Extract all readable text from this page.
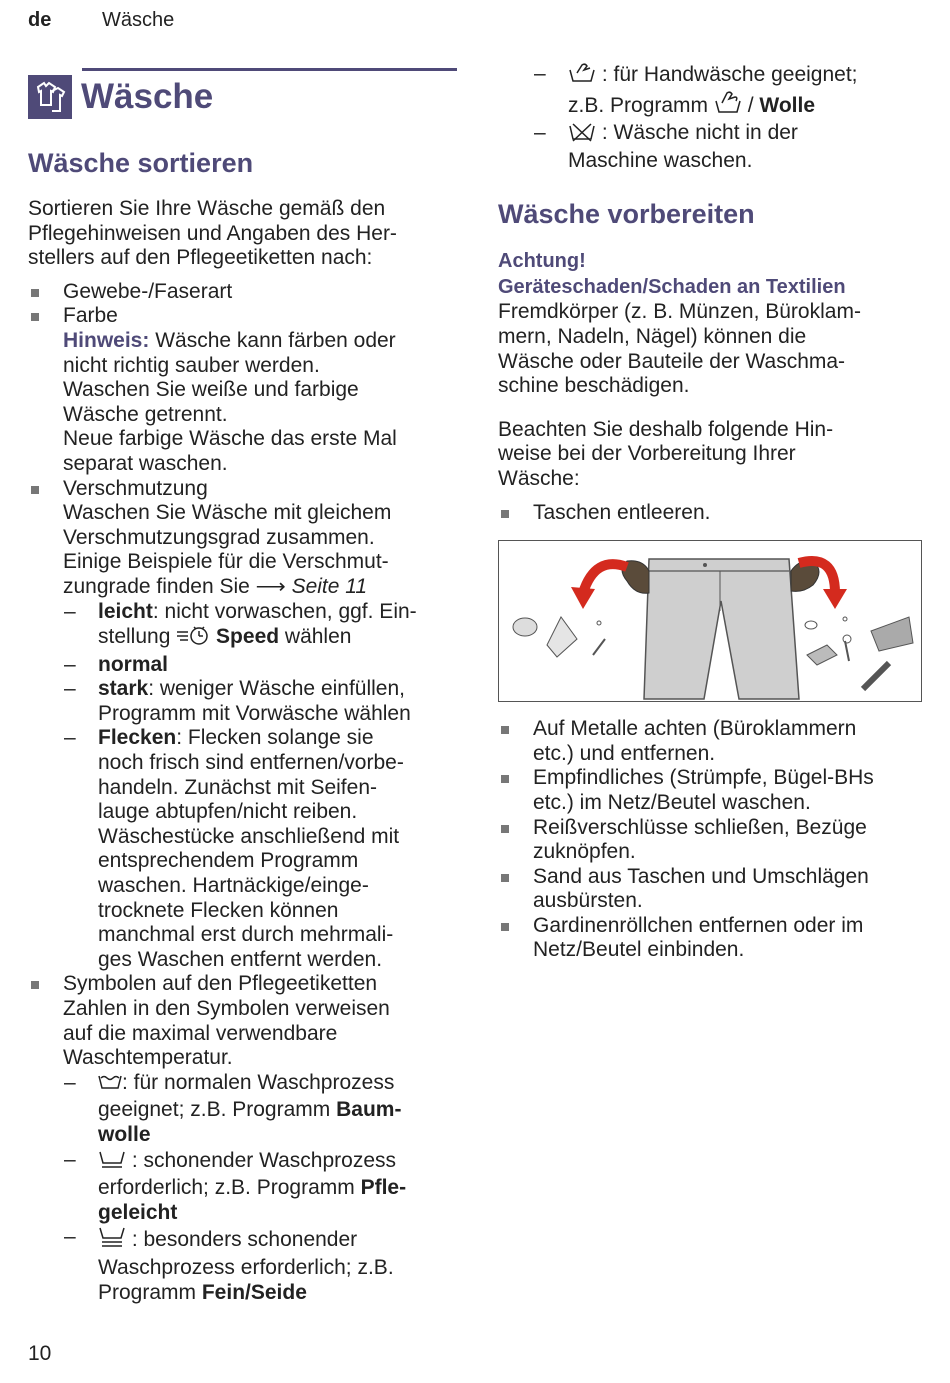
de	Wäsche
Wäsche
Wäsche sortieren
Sortieren Sie Ihre Wäsche gemäß den
Pflegehinweisen und Angaben des Her-
stellers auf den Pflegeetiketten nach:
Gewebe-/Faserart
Farbe
Hinweis: Wäsche kann färben oder
nicht richtig sauber werden.
Waschen Sie weiße und farbige
Wäsche getrennt.
Neue farbige Wäsche das erste Mal
separat waschen.
Verschmutzung
Waschen Sie Wäsche mit gleichem
Verschmutzungsgrad zusammen.
Einige Beispiele für die Verschmut-
zungrade finden Sie ⟶ Seite 11
– leicht: nicht vorwaschen, ggf. Ein-
stellung  Speed wählen
– normal
– stark: weniger Wäsche einfüllen,
Programm mit Vorwäsche wählen
– Flecken: Flecken solange sie
noch frisch sind entfernen/vorbe-
handeln. Zunächst mit Seifen-
lauge abtupfen/nicht reiben.
Wäschestücke anschließend mit
entsprechendem Programm
waschen. Hartnäckige/einge-
trocknete Flecken können
manchmal erst durch mehrmali-
ges Waschen entfernt werden.
Symbolen auf den Pflegeetiketten
Zahlen in den Symbolen verweisen
auf die maximal verwendbare
Waschtemperatur.
–	: für normalen Waschprozess
geeignet; z.B. Programm Baum-
wolle
–	: schonender Waschprozess
erforderlich; z.B. Programm Pfle-
geleicht
–	: besonders schonender
Waschprozess erforderlich; z.B.
Programm Fein/Seide
–	: für Handwäsche geeignet;
z.B. Programm  / Wolle
–	: Wäsche nicht in der
Maschine waschen.
Wäsche vorbereiten
Achtung!
Geräteschaden/Schaden an Textilien
Fremdkörper (z. B. Münzen, Büroklam-
mern, Nadeln, Nägel) können die
Wäsche oder Bauteile der Waschma-
schine beschädigen.
Beachten Sie deshalb folgende Hin-
weise bei der Vorbereitung Ihrer
Wäsche:
Taschen entleeren.
Auf Metalle achten (Büroklammern
etc.) und entfernen.
Empfindliches (Strümpfe, Bügel-BHs
etc.) im Netz/Beutel waschen.
Reißverschlüsse schließen, Bezüge
zuknöpfen.
Sand aus Taschen und Umschlägen
ausbürsten.
Gardinenröllchen entfernen oder im
Netz/Beutel einbinden.
10
